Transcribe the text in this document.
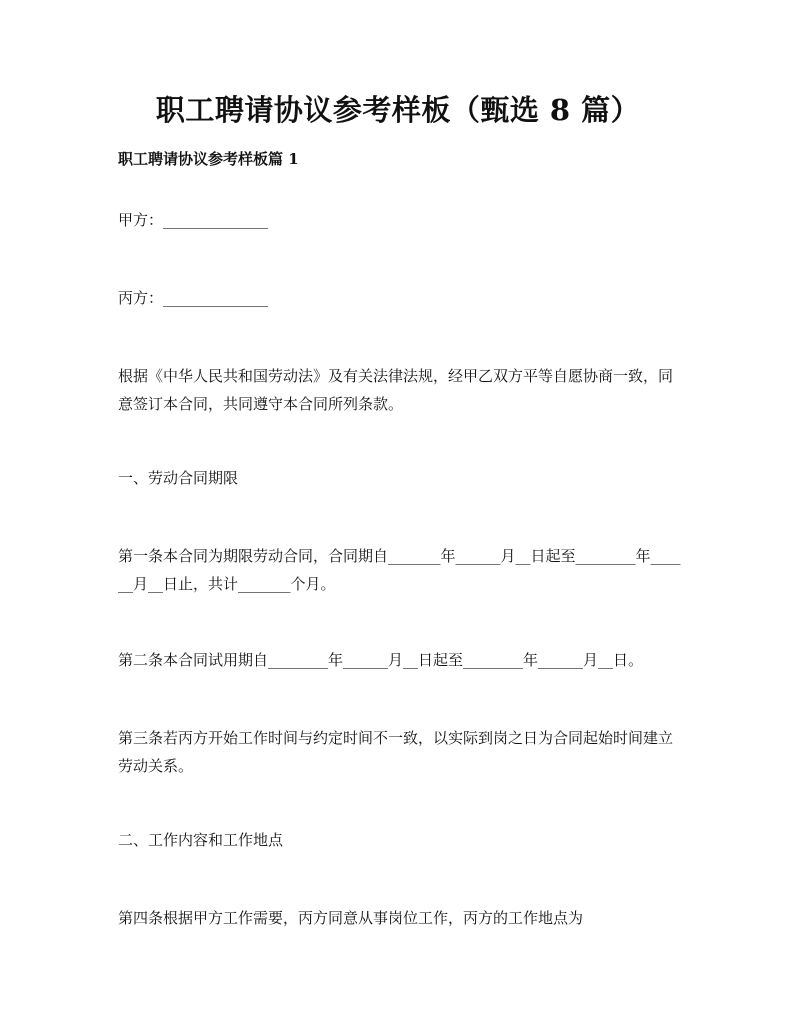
职工聘请协议参考样板（甄选 8 篇）
职工聘请协议参考样板篇 1
甲方：______________
丙方：______________
根据《中华人民共和国劳动法》及有关法律法规，经甲乙双方平等自愿协商一致，同意签订本合同，共同遵守本合同所列条款。
一、劳动合同期限
第一条本合同为期限劳动合同，合同期自_______年______月__日起至________年______月__日止，共计_______个月。
第二条本合同试用期自________年______月__日起至________年______月__日。
第三条若丙方开始工作时间与约定时间不一致，以实际到岗之日为合同起始时间建立劳动关系。
二、工作内容和工作地点
第四条根据甲方工作需要，丙方同意从事岗位工作，丙方的工作地点为
